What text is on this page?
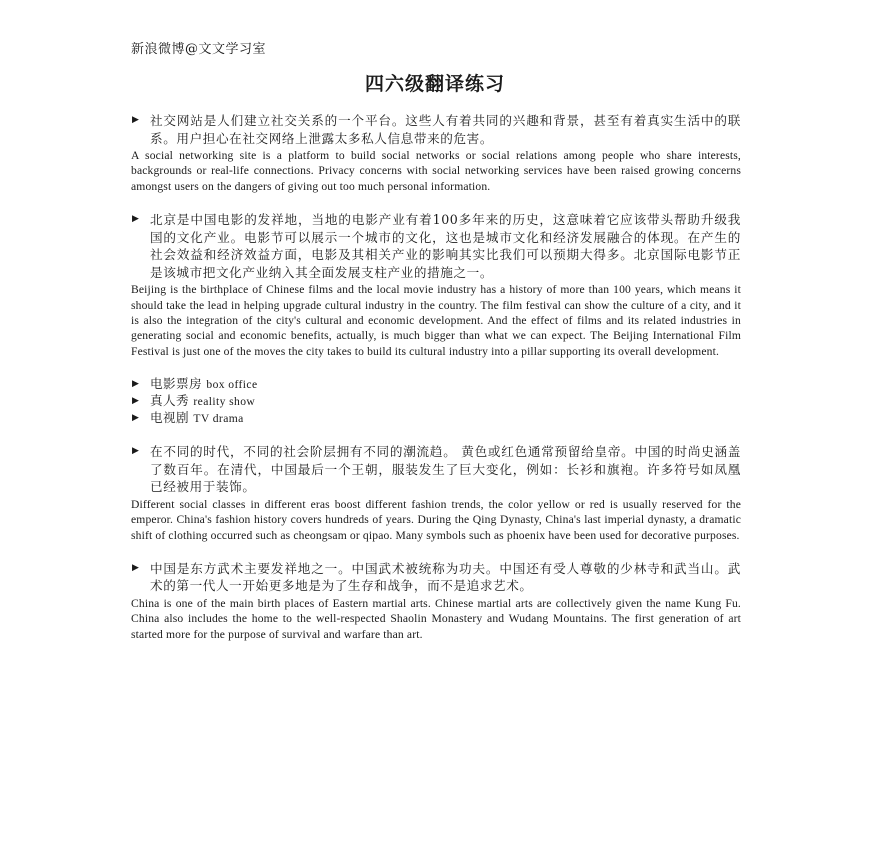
新浪微博@文文学习室
四六级翻译练习
▶ 社交网站是人们建立社交关系的一个平台。这些人有着共同的兴趣和背景，甚至有着真实生活中的联系。用户担心在社交网络上泄露太多私人信息带来的危害。
A social networking site is a platform to build social networks or social relations among people who share interests, backgrounds or real-life connections. Privacy concerns with social networking services have been raised growing concerns amongst users on the dangers of giving out too much personal information.
▶ 北京是中国电影的发祥地，当地的电影产业有着100多年来的历史，这意味着它应该带头帮助升级我国的文化产业。电影节可以展示一个城市的文化，这也是城市文化和经济发展融合的体现。在产生的社会效益和经济效益方面，电影及其相关产业的影响其实比我们可以预期大得多。北京国际电影节正是该城市把文化产业纳入其全面发展支柱产业的措施之一。
Beijing is the birthplace of Chinese films and the local movie industry has a history of more than 100 years, which means it should take the lead in helping upgrade cultural industry in the country. The film festival can show the culture of a city, and it is also the integration of the city's cultural and economic development. And the effect of films and its related industries in generating social and economic benefits, actually, is much bigger than what we can expect. The Beijing International Film Festival is just one of the moves the city takes to build its cultural industry into a pillar supporting its overall development.
▶ 电影票房 box office
▶ 真人秀 reality show
▶ 电视剧 TV drama
▶ 在不同的时代，不同的社会阶层拥有不同的潮流趋。 黄色或红色通常预留给皇帝。中国的时尚史涵盖了数百年。在清代，中国最后一个王朝，服装发生了巨大变化，例如：长衫和旗袍。许多符号如凤凰已经被用于装饰。
Different social classes in different eras boost different fashion trends, the color yellow or red is usually reserved for the emperor. China's fashion history covers hundreds of years. During the Qing Dynasty, China's last imperial dynasty, a dramatic shift of clothing occurred such as cheongsam or qipao. Many symbols such as phoenix have been used for decorative purposes.
▶ 中国是东方武术主要发祥地之一。中国武术被统称为功夫。中国还有受人尊敬的少林寺和武当山。武术的第一代人一开始更多地是为了生存和战争，而不是追求艺术。
China is one of the main birth places of Eastern martial arts. Chinese martial arts are collectively given the name Kung Fu. China also includes the home to the well-respected Shaolin Monastery and Wudang Mountains. The first generation of art started more for the purpose of survival and warfare than art.
